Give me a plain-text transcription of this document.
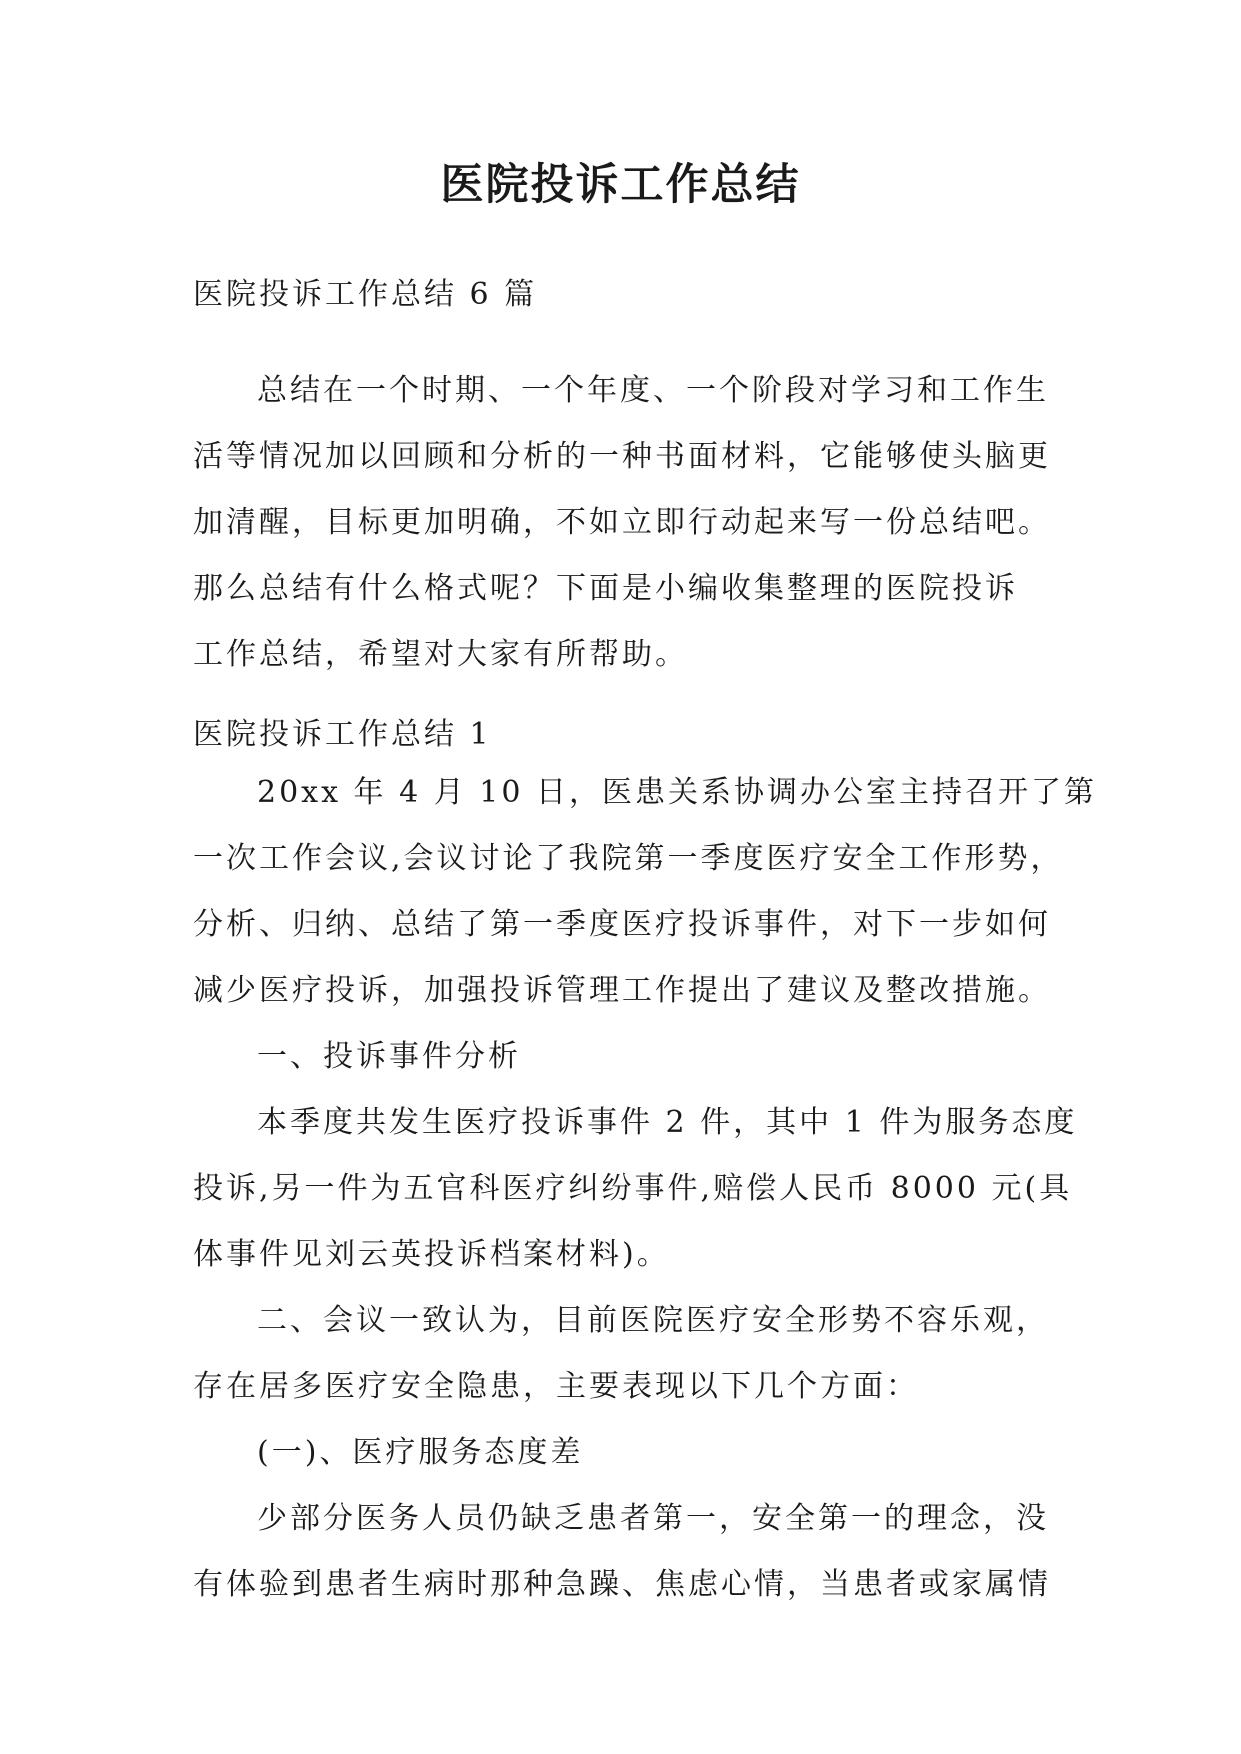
医院投诉工作总结
医院投诉工作总结 6 篇
总结在一个时期、一个年度、一个阶段对学习和工作生
活等情况加以回顾和分析的一种书面材料，它能够使头脑更
加清醒，目标更加明确，不如立即行动起来写一份总结吧。
那么总结有什么格式呢？下面是小编收集整理的医院投诉
工作总结，希望对大家有所帮助。
医院投诉工作总结 1
20xx 年 4 月 10 日，医患关系协调办公室主持召开了第
一次工作会议,会议讨论了我院第一季度医疗安全工作形势，
分析、归纳、总结了第一季度医疗投诉事件，对下一步如何
减少医疗投诉，加强投诉管理工作提出了建议及整改措施。
一、投诉事件分析
本季度共发生医疗投诉事件 2 件，其中 1 件为服务态度
投诉,另一件为五官科医疗纠纷事件,赔偿人民币 8000 元(具
体事件见刘云英投诉档案材料)。
二、会议一致认为，目前医院医疗安全形势不容乐观，
存在居多医疗安全隐患，主要表现以下几个方面：
(一)、医疗服务态度差
少部分医务人员仍缺乏患者第一，安全第一的理念，没
有体验到患者生病时那种急躁、焦虑心情，当患者或家属情
